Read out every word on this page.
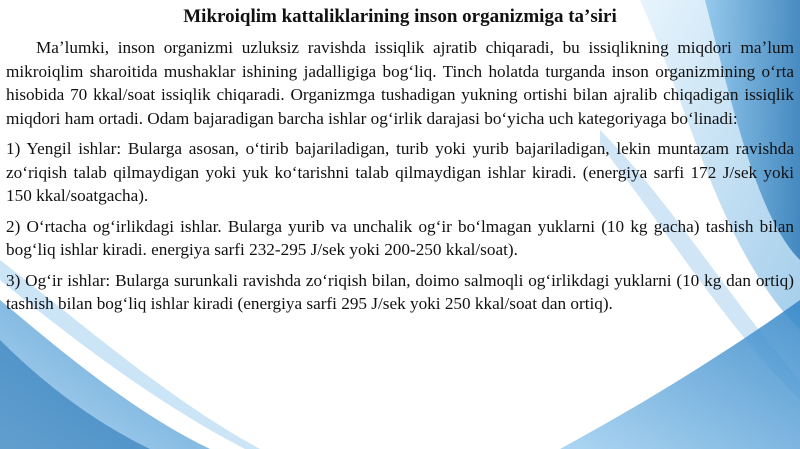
Mikroiqlim kattaliklarining inson organizmiga taʼsiri

Maʼlumki, inson organizmi uzluksiz ravishda issiqlik ajratib chiqaradi, bu issiqlikning miqdori maʼlum mikroiqlim sharoitida mushaklar ishining jadalligiga bogʻliq. Tinch holatda turganda inson organizmining oʻrta hisobida 70 kkal/soat issiqlik chiqaradi. Organizmga tushadigan yukning ortishi bilan ajralib chiqadigan issiqlik miqdori ham ortadi. Odam bajaradigan barcha ishlar ogʻirlik darajasi boʻyicha uch kategoriyaga boʻlinadi:

1) Yengil ishlar: Bularga asosan, oʻtirib bajariladigan, turib yoki yurib bajariladigan, lekin muntazam ravishda zoʻriqish talab qilmaydigan yoki yuk koʻtarishni talab qilmaydigan ishlar kiradi. (energiya sarfi 172 J/sek yoki 150 kkal/soatgacha).

2) Oʻrtacha ogʻirlikdagi ishlar. Bularga yurib va unchalik ogʻir boʻlmagan yuklarni (10 kg gacha) tashish bilan bogʻliq ishlar kiradi. energiya sarfi 232-295 J/sek yoki 200-250 kkal/soat).

3) Ogʻir ishlar: Bularga surunkali ravishda zoʻriqish bilan, doimo salmoqli ogʻirlikdagi yuklarni (10 kg dan ortiq) tashish bilan bogʻliq ishlar kiradi (energiya sarfi 295 J/sek yoki 250 kkal/soat dan ortiq).
